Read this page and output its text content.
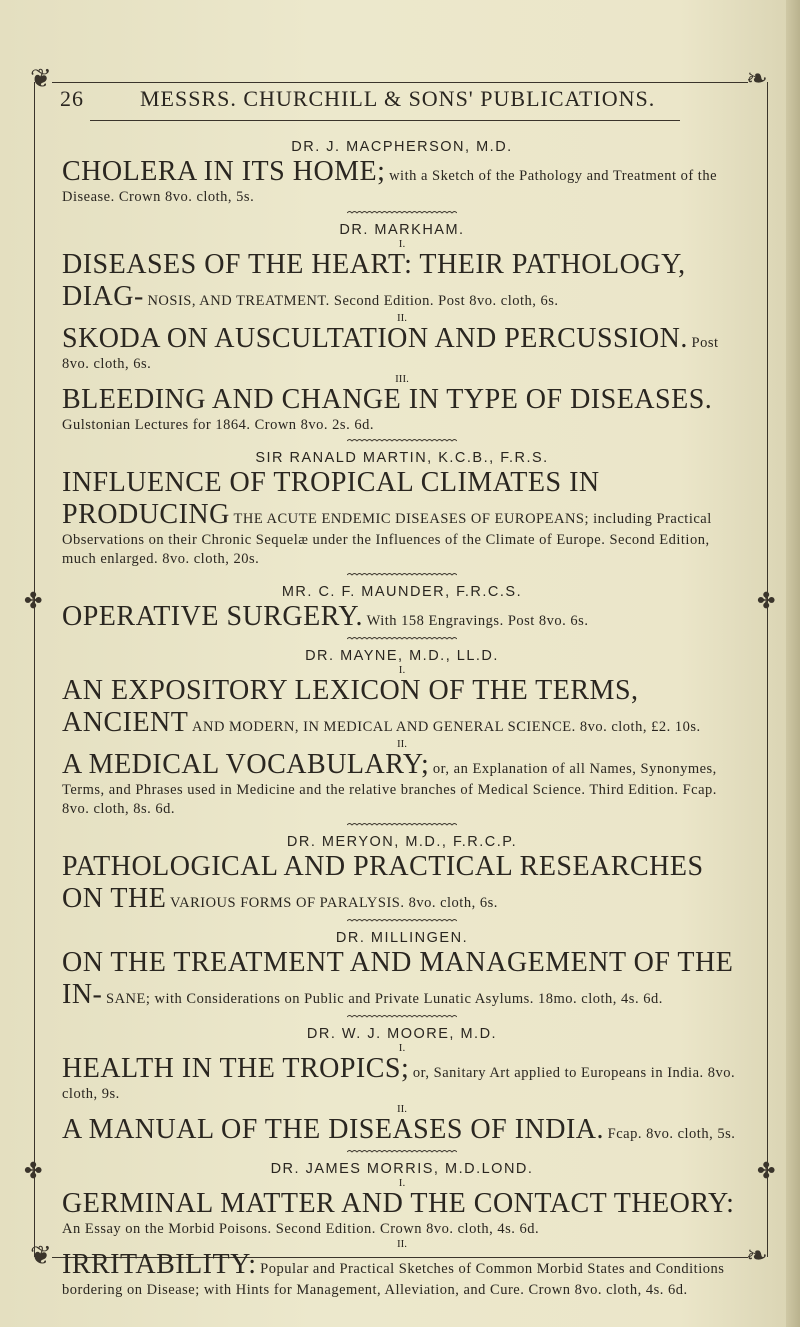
❦	❧
❦	❧
✤	✤
✤	✤
26	MESSRS. CHURCHILL & SONS' PUBLICATIONS.

DR. J. MACPHERSON, M.D.

CHOLERA IN ITS HOME; with a Sketch of the Pathology and Treatment of the Disease. Crown 8vo. cloth, 5s.

DR. MARKHAM.

I.

DISEASES OF THE HEART: THEIR PATHOLOGY, DIAG- NOSIS, AND TREATMENT. Second Edition. Post 8vo. cloth, 6s.

II.

SKODA ON AUSCULTATION AND PERCUSSION. Post 8vo. cloth, 6s.

III.

BLEEDING AND CHANGE IN TYPE OF DISEASES. Gulstonian Lectures for 1864. Crown 8vo. 2s. 6d.

SIR RANALD MARTIN, K.C.B., F.R.S.

INFLUENCE OF TROPICAL CLIMATES IN PRODUCING THE ACUTE ENDEMIC DISEASES OF EUROPEANS; including Practical Observations on their Chronic Sequelæ under the Influences of the Climate of Europe. Second Edition, much enlarged. 8vo. cloth, 20s.

MR. C. F. MAUNDER, F.R.C.S.

OPERATIVE SURGERY. With 158 Engravings. Post 8vo. 6s.

DR. MAYNE, M.D., LL.D.

I.

AN EXPOSITORY LEXICON OF THE TERMS, ANCIENT AND MODERN, IN MEDICAL AND GENERAL SCIENCE. 8vo. cloth, £2. 10s.

II.

A MEDICAL VOCABULARY; or, an Explanation of all Names, Synonymes, Terms, and Phrases used in Medicine and the relative branches of Medical Science. Third Edition. Fcap. 8vo. cloth, 8s. 6d.

DR. MERYON, M.D., F.R.C.P.

PATHOLOGICAL AND PRACTICAL RESEARCHES ON THE VARIOUS FORMS OF PARALYSIS. 8vo. cloth, 6s.

DR. MILLINGEN.

ON THE TREATMENT AND MANAGEMENT OF THE IN- SANE; with Considerations on Public and Private Lunatic Asylums. 18mo. cloth, 4s. 6d.

DR. W. J. MOORE, M.D.

I.

HEALTH IN THE TROPICS; or, Sanitary Art applied to Europeans in India. 8vo. cloth, 9s.

II.

A MANUAL OF THE DISEASES OF INDIA. Fcap. 8vo. cloth, 5s.

DR. JAMES MORRIS, M.D.LOND.

I.

GERMINAL MATTER AND THE CONTACT THEORY: An Essay on the Morbid Poisons. Second Edition. Crown 8vo. cloth, 4s. 6d.

II.

IRRITABILITY: Popular and Practical Sketches of Common Morbid States and Conditions bordering on Disease; with Hints for Management, Alleviation, and Cure. Crown 8vo. cloth, 4s. 6d.
